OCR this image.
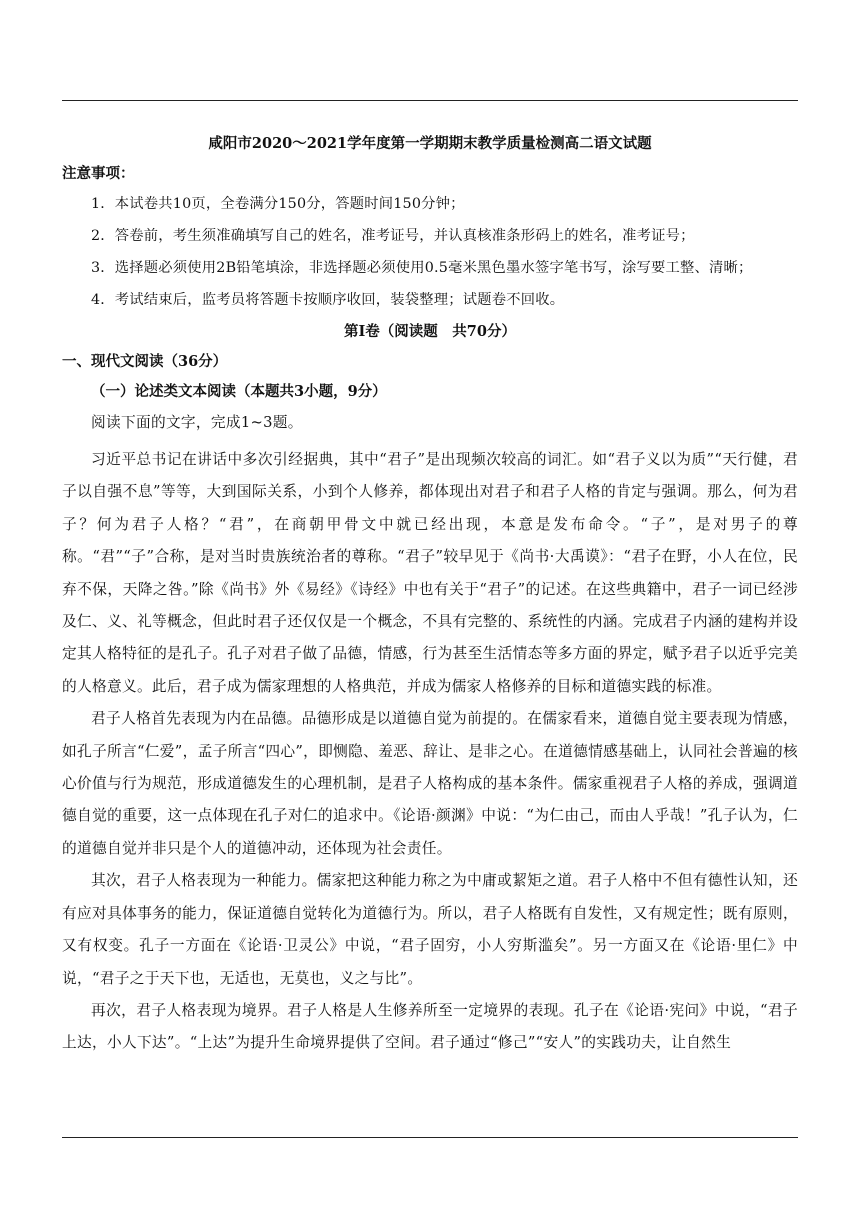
咸阳市2020～2021学年度第一学期期末教学质量检测高二语文试题
注意事项：
1．本试卷共10页，全卷满分150分，答题时间150分钟；
2．答卷前，考生须准确填写自己的姓名，准考证号，并认真核准条形码上的姓名，准考证号；
3．选择题必须使用2B铅笔填涂，非选择题必须使用0.5毫米黑色墨水签字笔书写，涂写要工整、清晰；
4．考试结束后，监考员将答题卡按顺序收回，装袋整理；试题卷不回收。
第Ⅰ卷（阅读题　共70分）
一、现代文阅读（36分）
（一）论述类文本阅读（本题共3小题，9分）

阅读下面的文字，完成1~3题。

习近平总书记在讲话中多次引经据典，其中“君子”是出现频次较高的词汇。如“君子义以为质”“天行健，君子以自强不息”等等，大到国际关系，小到个人修养，都体现出对君子和君子人格的肯定与强调。那么，何为君子？何为君子人格？“君”，在商朝甲骨文中就已经出现，本意是发布命令。“子”，是对男子的尊称。“君”“子”合称，是对当时贵族统治者的尊称。“君子”较早见于《尚书·大禹谟》：“君子在野，小人在位，民弃不保，天降之咎。”除《尚书》外《易经》《诗经》中也有关于“君子”的记述。在这些典籍中，君子一词已经涉及仁、义、礼等概念，但此时君子还仅仅是一个概念，不具有完整的、系统性的内涵。完成君子内涵的建构并设定其人格特征的是孔子。孔子对君子做了品德，情感，行为甚至生活情态等多方面的界定，赋予君子以近乎完美的人格意义。此后，君子成为儒家理想的人格典范，并成为儒家人格修养的目标和道德实践的标准。

君子人格首先表现为内在品德。品德形成是以道德自觉为前提的。在儒家看来，道德自觉主要表现为情感，如孔子所言“仁爱”，孟子所言“四心”，即恻隐、羞恶、辞让、是非之心。在道德情感基础上，认同社会普遍的核心价值与行为规范，形成道德发生的心理机制，是君子人格构成的基本条件。儒家重视君子人格的养成，强调道德自觉的重要，这一点体现在孔子对仁的追求中。《论语·颜渊》中说：“为仁由己，而由人乎哉！”孔子认为，仁的道德自觉并非只是个人的道德冲动，还体现为社会责任。

其次，君子人格表现为一种能力。儒家把这种能力称之为中庸或絜矩之道。君子人格中不但有德性认知，还有应对具体事务的能力，保证道德自觉转化为道德行为。所以，君子人格既有自发性，又有规定性；既有原则，又有权变。孔子一方面在《论语·卫灵公》中说，“君子固穷，小人穷斯滥矣”。另一方面又在《论语·里仁》中说，“君子之于天下也，无适也，无莫也，义之与比”。

再次，君子人格表现为境界。君子人格是人生修养所至一定境界的表现。孔子在《论语·宪问》中说，“君子上达，小人下达”。“上达”为提升生命境界提供了空间。君子通过“修己”“安人”的实践功夫，让自然生
